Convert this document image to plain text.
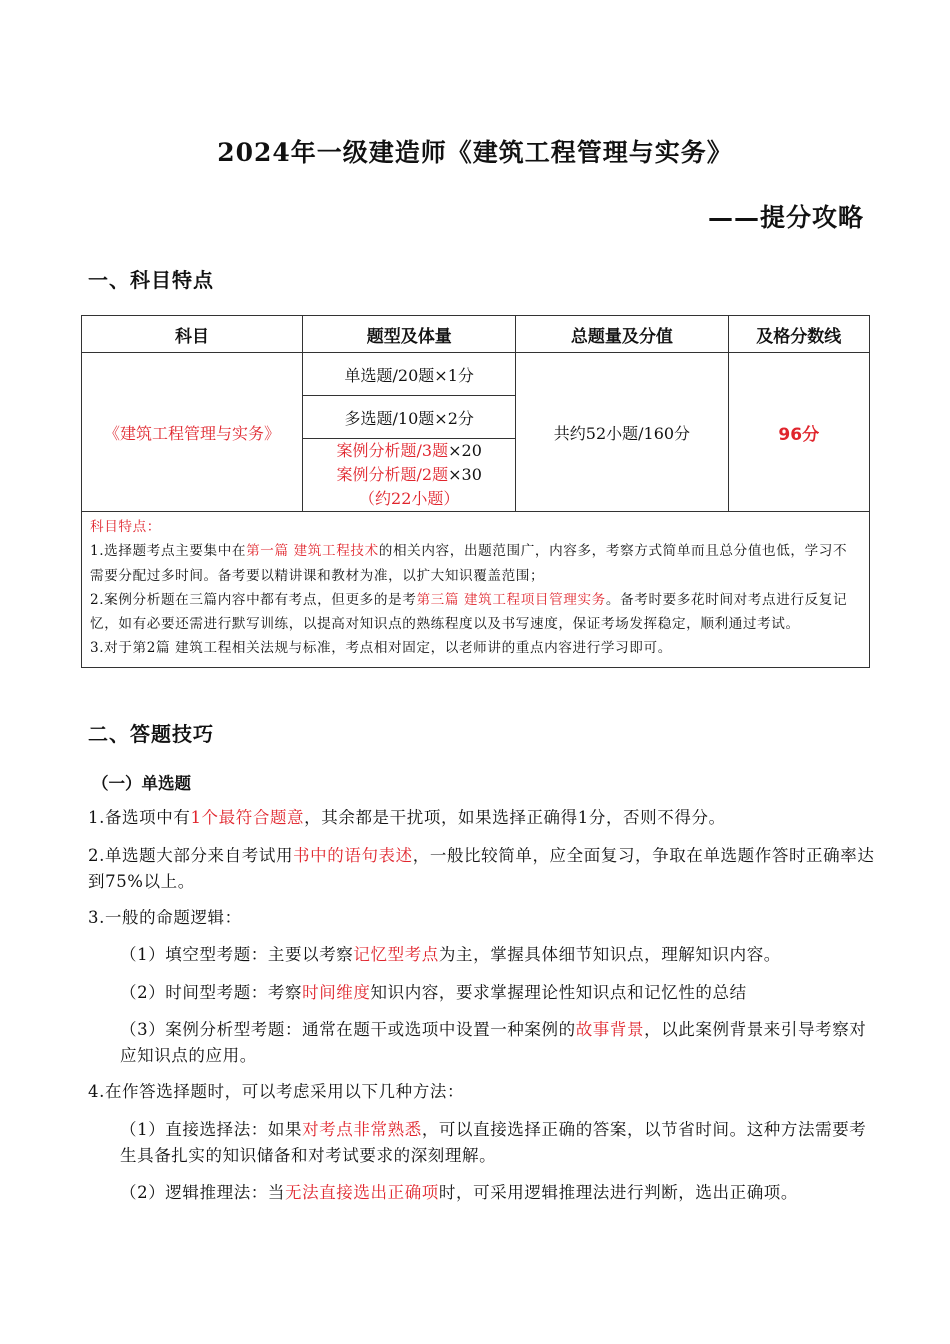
2024年一级建造师《建筑工程管理与实务》
——提分攻略
一、科目特点
科目	题型及体量	总题量及分值	及格分数线
《建筑工程管理与实务》	单选题/20题×1分	共约52小题/160分	96分
	多选题/10题×2分		
	案例分析题/3题×20
案例分析题/2题×30
（约22小题）		

科目特点：
1.选择题考点主要集中在第一篇 建筑工程技术的相关内容，出题范围广，内容多，考察方式简单而且总分值也低，学习不需要分配过多时间。备考要以精讲课和教材为准，以扩大知识覆盖范围；
2.案例分析题在三篇内容中都有考点，但更多的是考第三篇 建筑工程项目管理实务。备考时要多花时间对考点进行反复记忆，如有必要还需进行默写训练，以提高对知识点的熟练程度以及书写速度，保证考场发挥稳定，顺利通过考试。
3.对于第2篇 建筑工程相关法规与标准，考点相对固定，以老师讲的重点内容进行学习即可。			
二、答题技巧
（一）单选题
1.备选项中有1个最符合题意，其余都是干扰项，如果选择正确得1分，否则不得分。
2.单选题大部分来自考试用书中的语句表述，一般比较简单，应全面复习，争取在单选题作答时正确率达到75%以上。
3.一般的命题逻辑：
（1）填空型考题：主要以考察记忆型考点为主，掌握具体细节知识点，理解知识内容。
（2）时间型考题：考察时间维度知识内容，要求掌握理论性知识点和记忆性的总结
（3）案例分析型考题：通常在题干或选项中设置一种案例的故事背景，以此案例背景来引导考察对应知识点的应用。
4.在作答选择题时，可以考虑采用以下几种方法：
（1）直接选择法：如果对考点非常熟悉，可以直接选择正确的答案，以节省时间。这种方法需要考生具备扎实的知识储备和对考试要求的深刻理解。
（2）逻辑推理法：当无法直接选出正确项时，可采用逻辑推理法进行判断，选出正确项。
